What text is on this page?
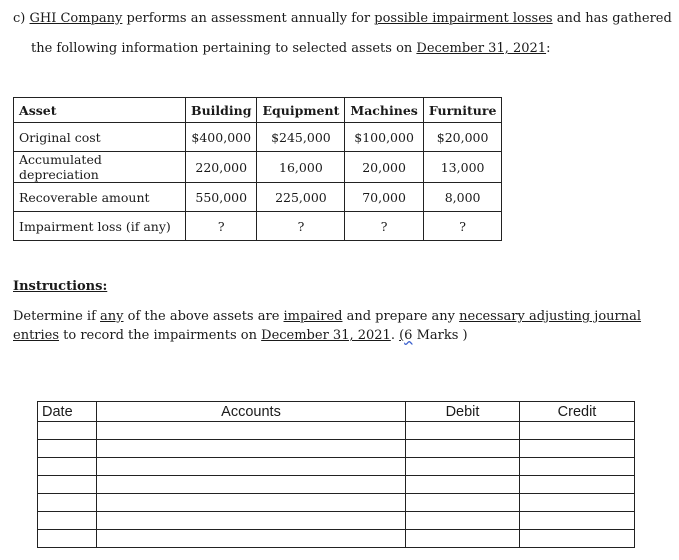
c) GHI Company performs an assessment annually for possible impairment losses and has gathered
the following information pertaining to selected assets on December 31, 2021:
Asset	Building	Equipment	Machines	Furniture
Original cost	$400,000	$245,000	$100,000	$20,000
Accumulated depreciation	220,000	16,000	20,000	13,000
Recoverable amount	550,000	225,000	70,000	8,000
Impairment loss (if any)	?	?	?	?
Instructions:
Determine if any of the above assets are impaired and prepare any necessary adjusting journal
entries to record the impairments on December 31, 2021. (6 Marks )
Date	Accounts	Debit	Credit
